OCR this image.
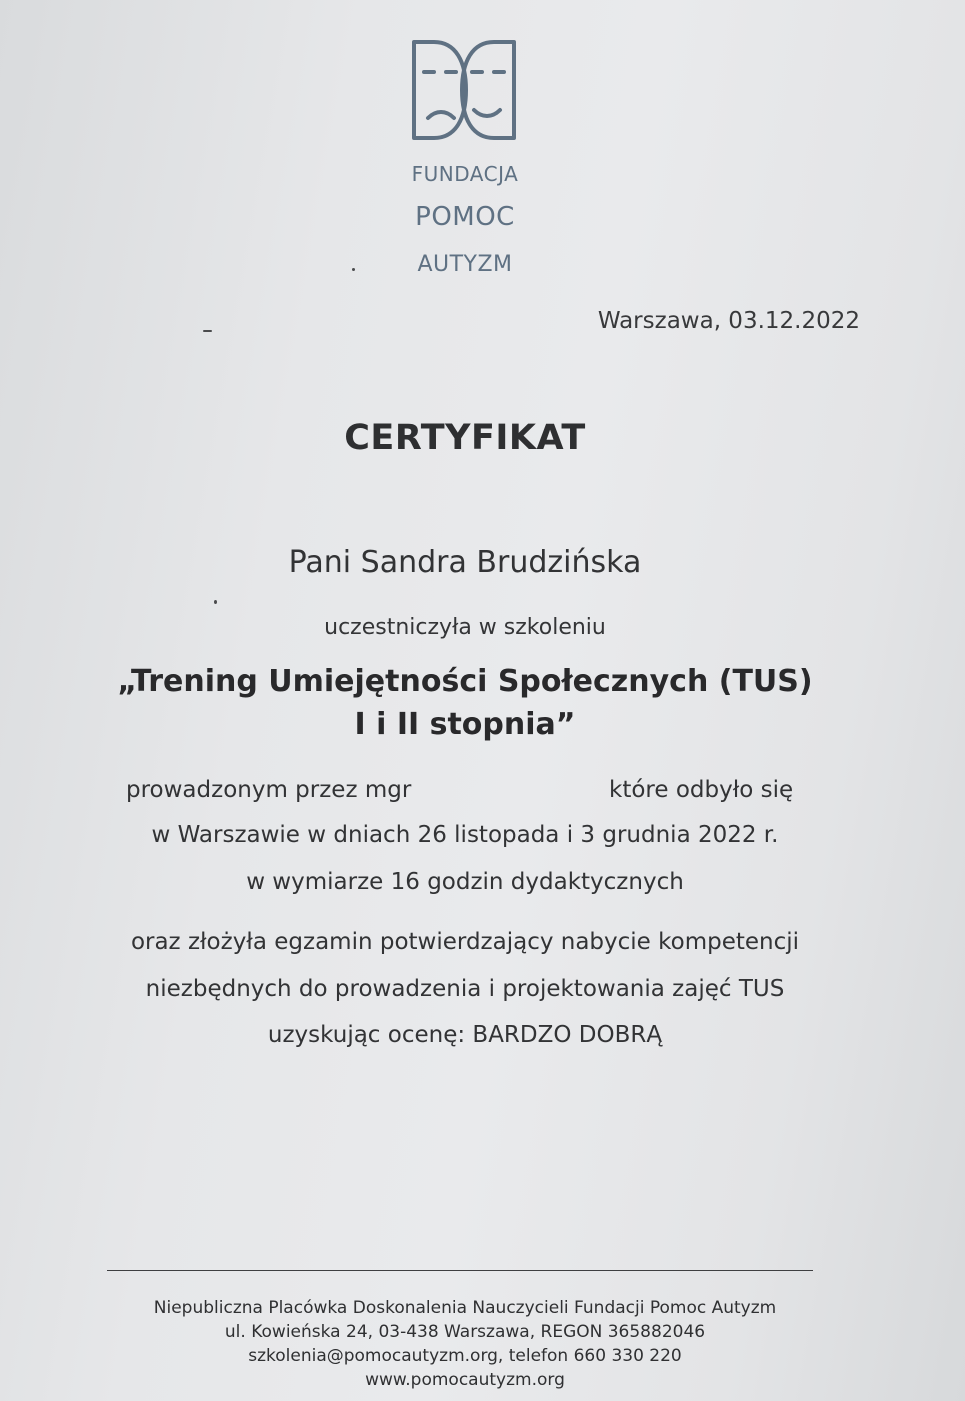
FUNDACJA
POMOC
AUTYZM
Warszawa, 03.12.2022
CERTYFIKAT
Pani Sandra Brudzińska
uczestniczyła w szkoleniu
„Trening Umiejętności Społecznych (TUS)
I i II stopnia”
prowadzonym przez mgr	które odbyło się
w Warszawie w dniach 26 listopada i 3 grudnia 2022 r.
w wymiarze 16 godzin dydaktycznych
oraz złożyła egzamin potwierdzający nabycie kompetencji
niezbędnych do prowadzenia i projektowania zajęć TUS
uzyskując ocenę: BARDZO DOBRĄ
Niepubliczna Placówka Doskonalenia Nauczycieli Fundacji Pomoc Autyzm
ul. Kowieńska 24, 03-438 Warszawa, REGON 365882046
szkolenia@pomocautyzm.org, telefon 660 330 220
www.pomocautyzm.org
